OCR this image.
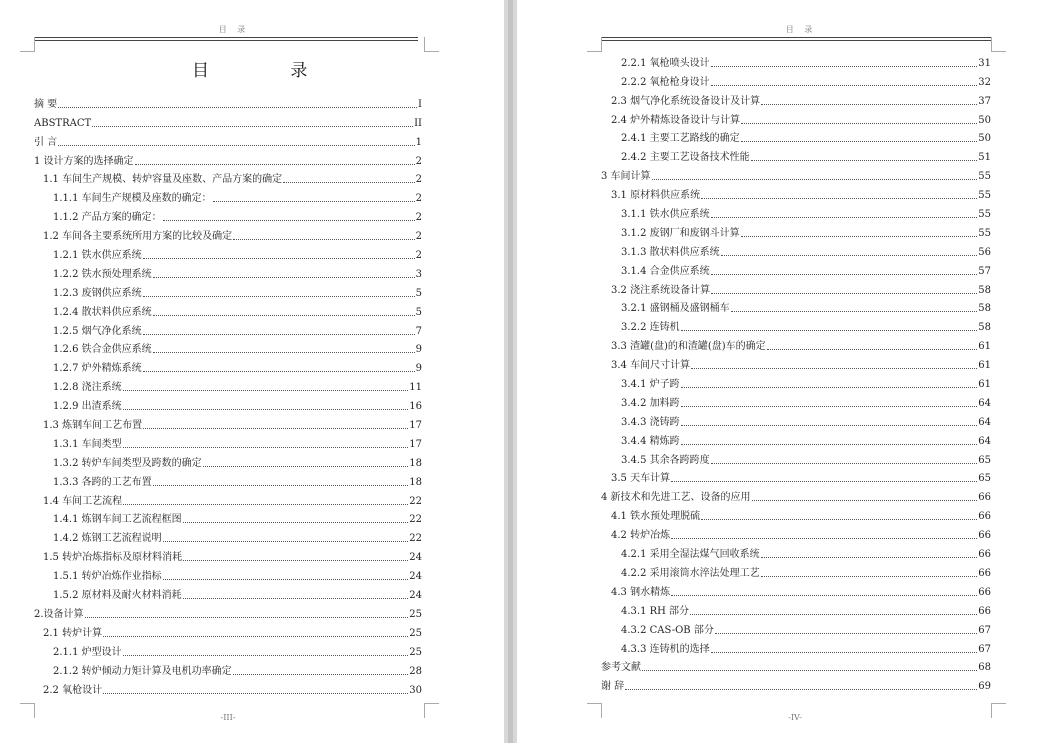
目 录
目 录
摘 要	I
ABSTRACT	II
引 言	1
1 设计方案的选择确定	2
1.1 车间生产规模、转炉容量及座数、产品方案的确定	2
1.1.1 车间生产规模及座数的确定：	2
1.1.2 产品方案的确定：	2
1.2 车间各主要系统所用方案的比较及确定	2
1.2.1 铁水供应系统	2
1.2.2 铁水预处理系统	3
1.2.3 废钢供应系统	5
1.2.4 散状料供应系统	5
1.2.5 烟气净化系统	7
1.2.6 铁合金供应系统	9
1.2.7 炉外精炼系统	9
1.2.8 浇注系统	11
1.2.9 出渣系统	16
1.3 炼钢车间工艺布置	17
1.3.1 车间类型	17
1.3.2 转炉车间类型及跨数的确定	18
1.3.3 各跨的工艺布置	18
1.4 车间工艺流程	22
1.4.1 炼钢车间工艺流程框图	22
1.4.2 炼钢工艺流程说明	22
1.5 转炉冶炼指标及原材料消耗	24
1.5.1 转炉冶炼作业指标	24
1.5.2 原材料及耐火材料消耗	24
2.设备计算	25
2.1 转炉计算	25
2.1.1 炉型设计	25
2.1.2 转炉倾动力矩计算及电机功率确定	28
2.2 氧枪设计	30
-III-
目 录
2.2.1 氧枪喷头设计	31
2.2.2 氧枪枪身设计	32
2.3 烟气净化系统设备设计及计算	37
2.4 炉外精炼设备设计与计算	50
2.4.1 主要工艺路线的确定	50
2.4.2 主要工艺设备技术性能	51
3 车间计算	55
3.1 原材料供应系统	55
3.1.1 铁水供应系统	55
3.1.2 废钢厂和废钢斗计算	55
3.1.3 散状料供应系统	56
3.1.4 合金供应系统	57
3.2 浇注系统设备计算	58
3.2.1 盛钢桶及盛钢桶车	58
3.2.2 连铸机	58
3.3 渣罐(盘)的和渣罐(盘)车的确定	61
3.4 车间尺寸计算	61
3.4.1 炉子跨	61
3.4.2 加料跨	64
3.4.3 浇铸跨	64
3.4.4 精炼跨	64
3.4.5 其余各跨跨度	65
3.5 天车计算	65
4 新技术和先进工艺、设备的应用	66
4.1 铁水预处理脱硫	66
4.2 转炉冶炼	66
4.2.1 采用全湿法煤气回收系统	66
4.2.2 采用滚筒水淬法处理工艺	66
4.3 钢水精炼	66
4.3.1 RH 部分	66
4.3.2 CAS-OB 部分	67
4.3.3 连铸机的选择	67
参考文献	68
谢 辞	69
-IV-
